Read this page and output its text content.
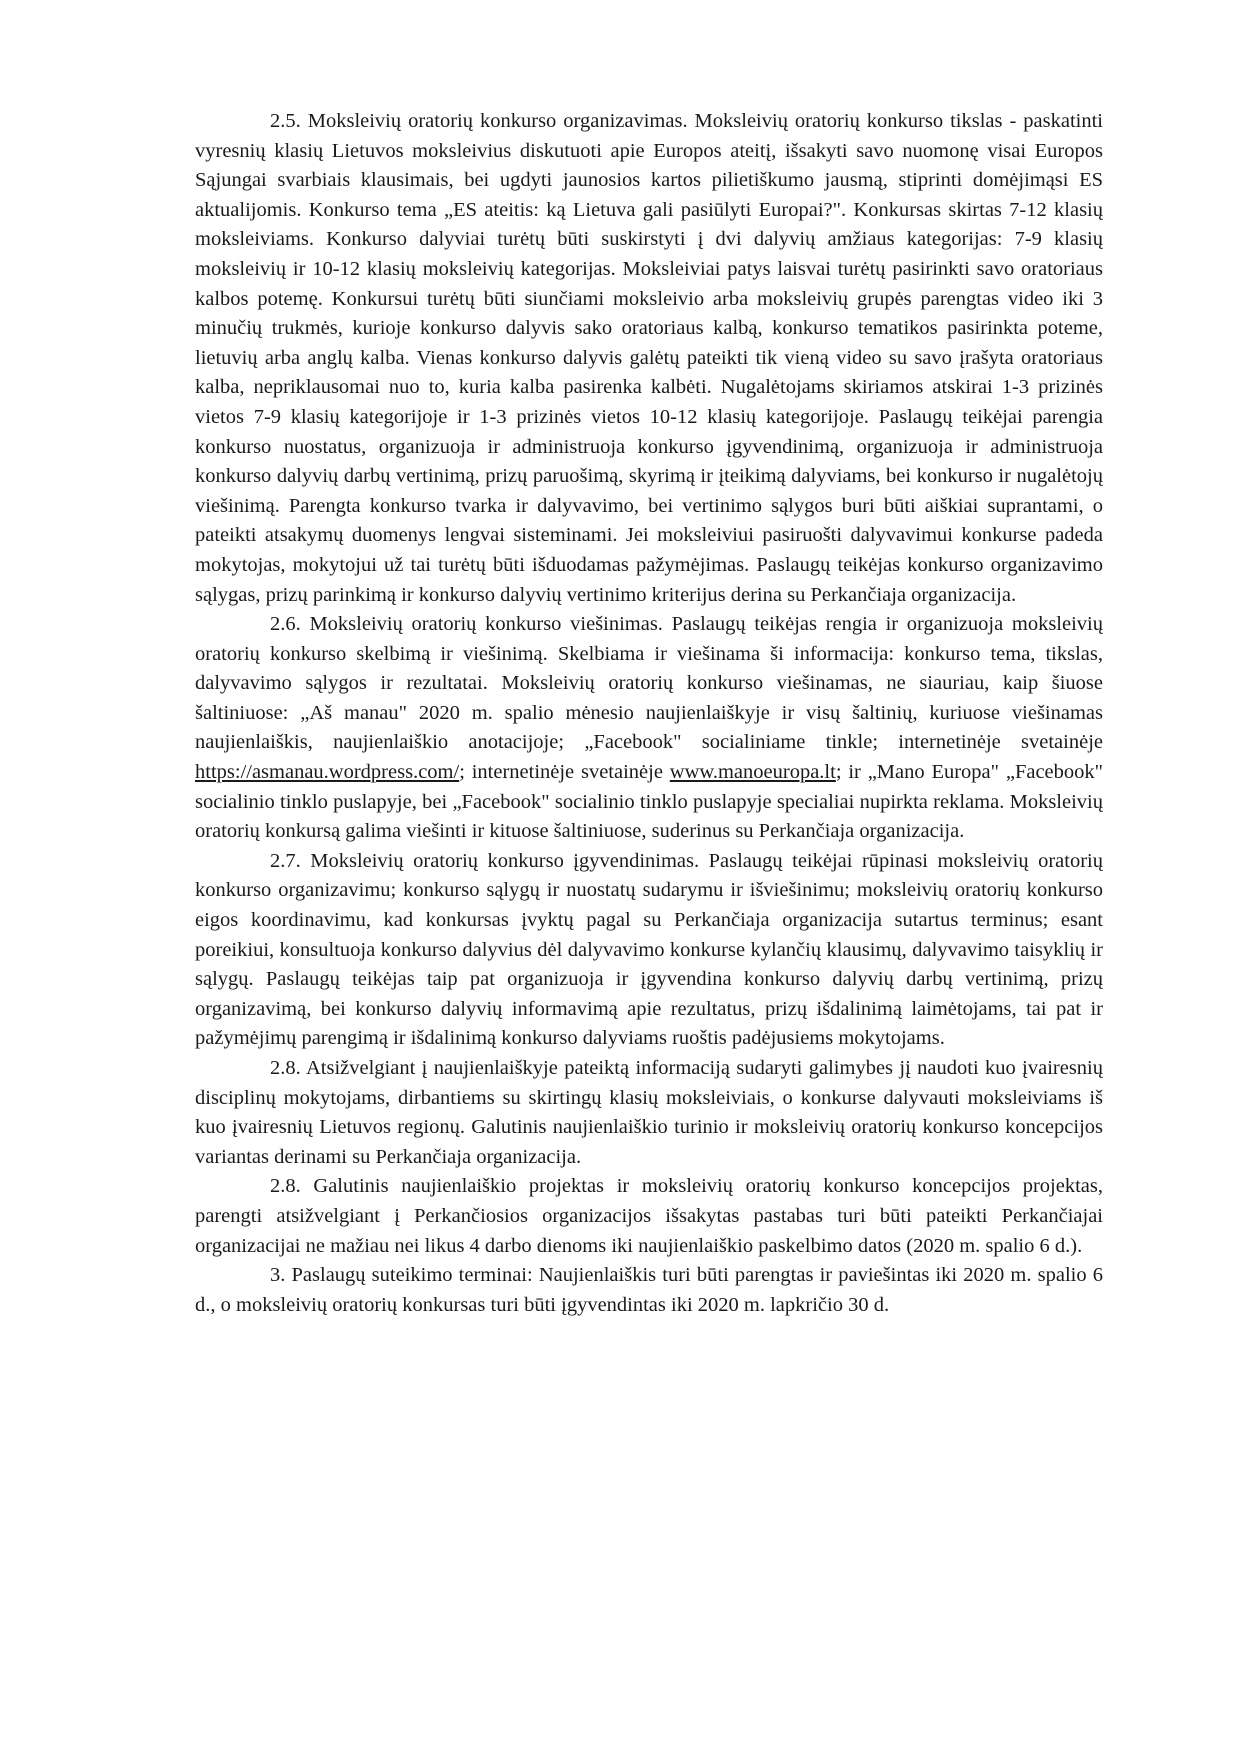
2.5. Moksleivių oratorių konkurso organizavimas. Moksleivių oratorių konkurso tikslas - paskatinti vyresnių klasių Lietuvos moksleivius diskutuoti apie Europos ateitį, išsakyti savo nuomonę visai Europos Sąjungai svarbiais klausimais, bei ugdyti jaunosios kartos pilietiškumo jausmą, stiprinti domėjimąsi ES aktualijomis. Konkurso tema „ES ateitis: ką Lietuva gali pasiūlyti Europai?". Konkursas skirtas 7-12 klasių moksleiviams. Konkurso dalyviai turėtų būti suskirstyti į dvi dalyvių amžiaus kategorijas: 7-9 klasių moksleivių ir 10-12 klasių moksleivių kategorijas. Moksleiviai patys laisvai turėtų pasirinkti savo oratoriaus kalbos potemę. Konkursui turėtų būti siunčiami moksleivio arba moksleivių grupės parengtas video iki 3 minučių trukmės, kurioje konkurso dalyvis sako oratoriaus kalbą, konkurso tematikos pasirinkta poteme, lietuvių arba anglų kalba. Vienas konkurso dalyvis galėtų pateikti tik vieną video su savo įrašyta oratoriaus kalba, nepriklausomai nuo to, kuria kalba pasirenka kalbėti. Nugalėtojams skiriamos atskirai 1-3 prizinės vietos 7-9 klasių kategorijoje ir 1-3 prizinės vietos 10-12 klasių kategorijoje. Paslaugų teikėjai parengia konkurso nuostatus, organizuoja ir administruoja konkurso įgyvendinimą, organizuoja ir administruoja konkurso dalyvių darbų vertinimą, prizų paruošimą, skyrimą ir įteikimą dalyviams, bei konkurso ir nugalėtojų viešinimą. Parengta konkurso tvarka ir dalyvavimo, bei vertinimo sąlygos buri būti aiškiai suprantami, o pateikti atsakymų duomenys lengvai sisteminami. Jei moksleiviui pasiruošti dalyvavimui konkurse padeda mokytojas, mokytojui už tai turėtų būti išduodamas pažymėjimas. Paslaugų teikėjas konkurso organizavimo sąlygas, prizų parinkimą ir konkurso dalyvių vertinimo kriterijus derina su Perkančiaja organizacija.

2.6. Moksleivių oratorių konkurso viešinimas. Paslaugų teikėjas rengia ir organizuoja moksleivių oratorių konkurso skelbimą ir viešinimą. Skelbiama ir viešinama ši informacija: konkurso tema, tikslas, dalyvavimo sąlygos ir rezultatai. Moksleivių oratorių konkurso viešinamas, ne siauriau, kaip šiuose šaltiniuose: „Aš manau" 2020 m. spalio mėnesio naujienlaiškyje ir visų šaltinių, kuriuose viešinamas naujienlaiškis, naujienlaiškio anotacijoje; „Facebook" socialiniame tinkle; internetinėje svetainėje https://asmanau.wordpress.com/; internetinėje svetainėje www.manoeuropa.lt; ir „Mano Europa" „Facebook" socialinio tinklo puslapyje, bei „Facebook" socialinio tinklo puslapyje specialiai nupirkta reklama. Moksleivių oratorių konkursą galima viešinti ir kituose šaltiniuose, suderinus su Perkančiaja organizacija.

2.7. Moksleivių oratorių konkurso įgyvendinimas. Paslaugų teikėjai rūpinasi moksleivių oratorių konkurso organizavimu; konkurso sąlygų ir nuostatų sudarymu ir išviešinimu; moksleivių oratorių konkurso eigos koordinavimu, kad konkursas įvyktų pagal su Perkančiaja organizacija sutartus terminus; esant poreikiui, konsultuoja konkurso dalyvius dėl dalyvavimo konkurse kylančių klausimų, dalyvavimo taisyklių ir sąlygų. Paslaugų teikėjas taip pat organizuoja ir įgyvendina konkurso dalyvių darbų vertinimą, prizų organizavimą, bei konkurso dalyvių informavimą apie rezultatus, prizų išdalinimą laimėtojams, tai pat ir pažymėjimų parengimą ir išdalinimą konkurso dalyviams ruoštis padėjusiems mokytojams.

2.8. Atsižvelgiant į naujienlaiškyje pateiktą informaciją sudaryti galimybes jį naudoti kuo įvairesnių disciplinų mokytojams, dirbantiems su skirtingų klasių moksleiviais, o konkurse dalyvauti moksleiviams iš kuo įvairesnių Lietuvos regionų. Galutinis naujienlaiškio turinio ir moksleivių oratorių konkurso koncepcijos variantas derinami su Perkančiaja organizacija.

2.8. Galutinis naujienlaiškio projektas ir moksleivių oratorių konkurso koncepcijos projektas, parengti atsižvelgiant į Perkančiosios organizacijos išsakytas pastabas turi būti pateikti Perkančiajai organizacijai ne mažiau nei likus 4 darbo dienoms iki naujienlaiškio paskelbimo datos (2020 m. spalio 6 d.).

3. Paslaugų suteikimo terminai: Naujienlaiškis turi būti parengtas ir paviešintas iki 2020 m. spalio 6 d., o moksleivių oratorių konkursas turi būti įgyvendintas iki 2020 m. lapkričio 30 d.
